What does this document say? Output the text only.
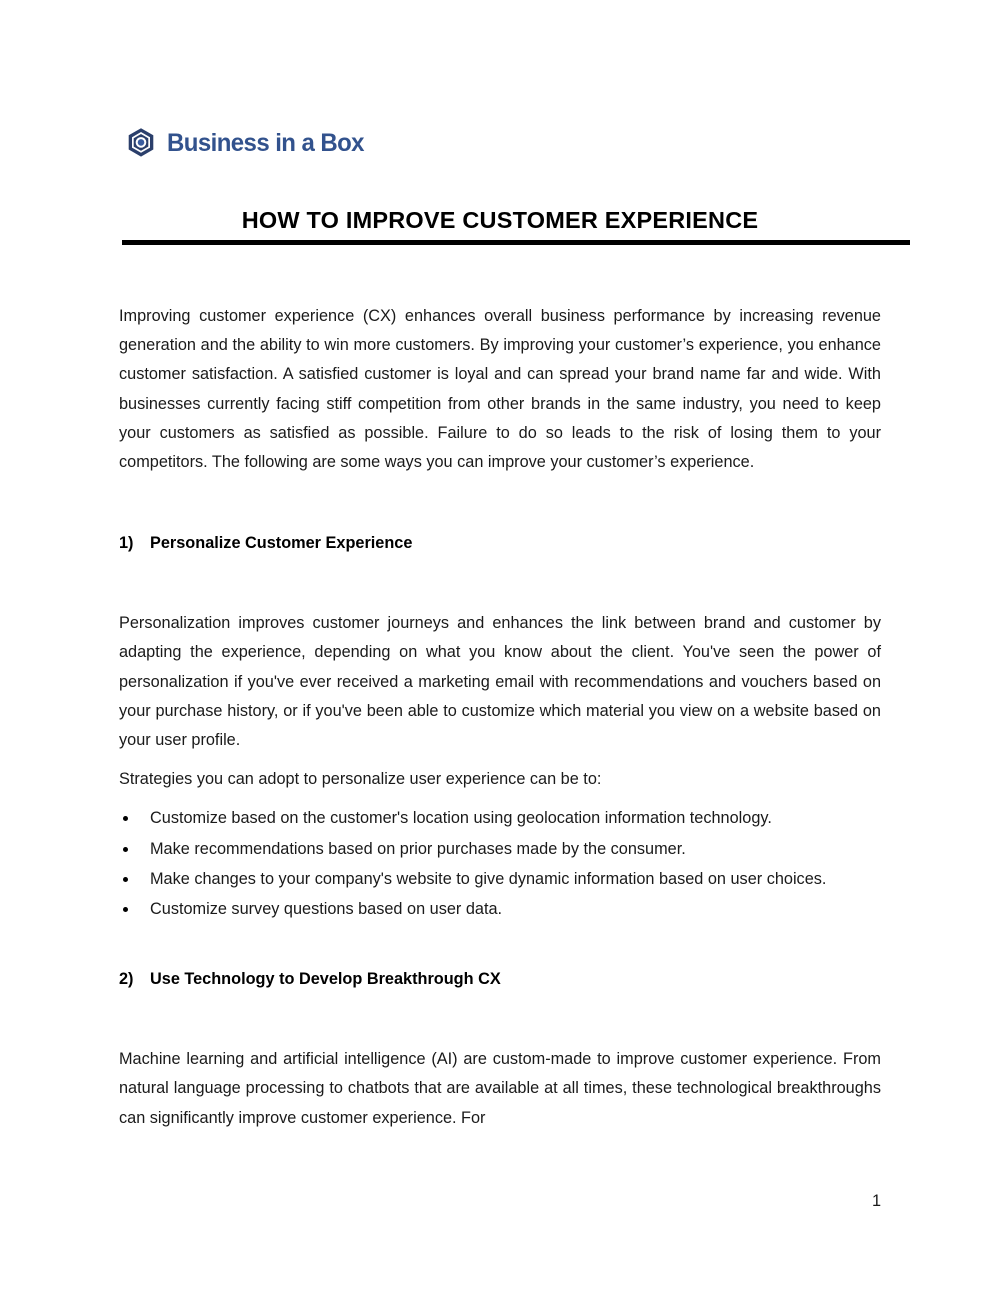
Business in a Box
HOW TO IMPROVE CUSTOMER EXPERIENCE

Improving customer experience (CX) enhances overall business performance by increasing revenue generation and the ability to win more customers. By improving your customer’s experience, you enhance customer satisfaction. A satisfied customer is loyal and can spread your brand name far and wide. With businesses currently facing stiff competition from other brands in the same industry, you need to keep your customers as satisfied as possible. Failure to do so leads to the risk of losing them to your competitors. The following are some ways you can improve your customer’s experience.

1)	Personalize Customer Experience

Personalization improves customer journeys and enhances the link between brand and customer by adapting the experience, depending on what you know about the client. You've seen the power of personalization if you've ever received a marketing email with recommendations and vouchers based on your purchase history, or if you've been able to customize which material you view on a website based on your user profile.

Strategies you can adopt to personalize user experience can be to:

Customize based on the customer's location using geolocation information technology.
Make recommendations based on prior purchases made by the consumer.
Make changes to your company's website to give dynamic information based on user choices.
Customize survey questions based on user data.
2)	Use Technology to Develop Breakthrough CX

Machine learning and artificial intelligence (AI) are custom-made to improve customer experience. From natural language processing to chatbots that are available at all times, these technological breakthroughs can significantly improve customer experience. For

1
